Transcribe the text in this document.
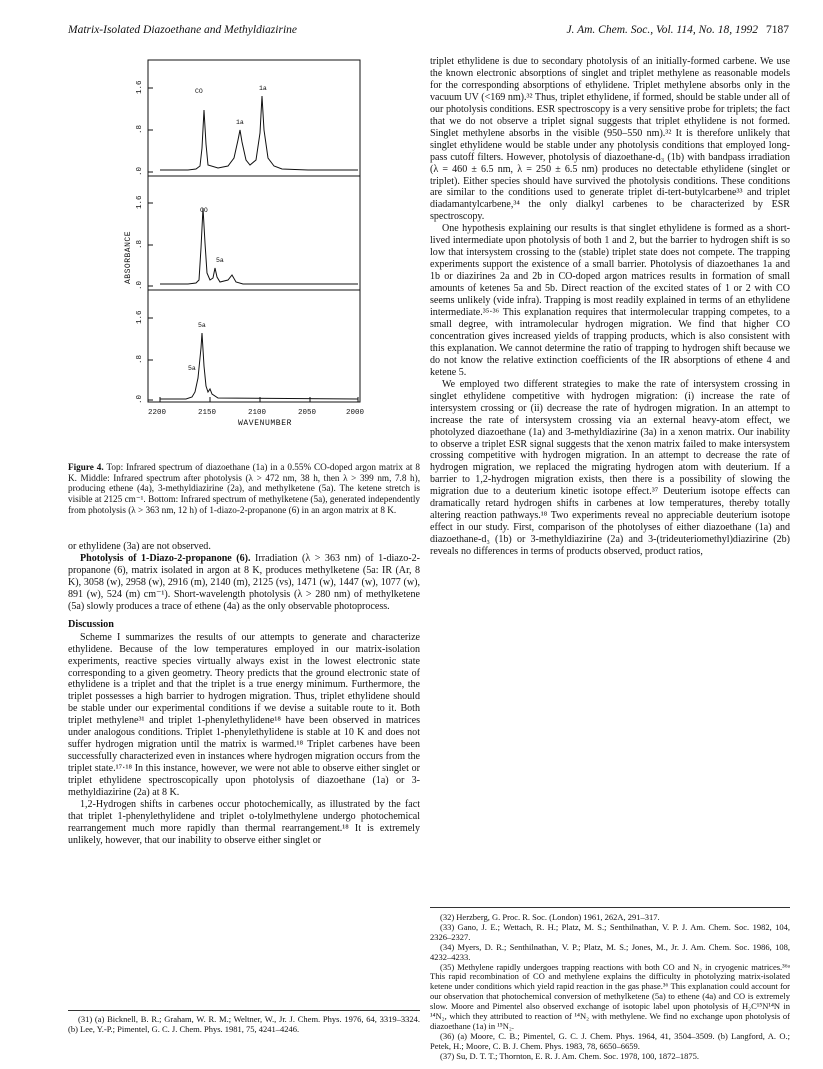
Matrix-Isolated Diazoethane and Methyldiazirine	J. Am. Chem. Soc., Vol. 114, No. 18, 1992 7187
1.6
.8
.0
1.6
.8
.0
1.6
.8
.0
ABSORBANCE
2200	2150	2100	2050	2000
WAVENUMBER
CO	1a
1a
CO
5a
5a
5a
Figure 4. Top: Infrared spectrum of diazoethane (1a) in a 0.55% CO-doped argon matrix at 8 K. Middle: Infrared spectrum after photolysis (λ > 472 nm, 38 h, then λ > 399 nm, 7.8 h), producing ethene (4a), 3-methyldiazirine (2a), and methylketene (5a). The ketene stretch is visible at 2125 cm⁻¹. Bottom: Infrared spectrum of methylketene (5a), generated independently from photolysis (λ > 363 nm, 12 h) of 1-diazo-2-propanone (6) in an argon matrix at 8 K.

or ethylidene (3a) are not observed.

Photolysis of 1-Diazo-2-propanone (6). Irradiation (λ > 363 nm) of 1-diazo-2-propanone (6), matrix isolated in argon at 8 K, produces methylketene (5a: IR (Ar, 8 K), 3058 (w), 2958 (w), 2916 (m), 2140 (m), 2125 (vs), 1471 (w), 1447 (w), 1077 (w), 891 (w), 524 (m) cm⁻¹). Short-wavelength photolysis (λ > 280 nm) of methylketene (5a) slowly produces a trace of ethene (4a) as the only observable photoprocess.

Discussion

Scheme I summarizes the results of our attempts to generate and characterize ethylidene. Because of the low temperatures employed in our matrix-isolation experiments, reactive species virtually always exist in the lowest electronic state corresponding to a given geometry. Theory predicts that the ground electronic state of ethylidene is a triplet and that the triplet is a true energy minimum. Furthermore, the triplet possesses a high barrier to hydrogen migration. Thus, triplet ethylidene should be stable under our experimental conditions if we devise a suitable route to it. Both triplet methylene³¹ and triplet 1-phenylethylidene¹⁸ have been observed in matrices under analogous conditions. Triplet 1-phenylethylidene is stable at 10 K and does not suffer hydrogen migration until the matrix is warmed.¹⁸ Triplet carbenes have been successfully characterized even in instances where hydrogen migration occurs from the triplet state.¹⁷·¹⁸ In this instance, however, we were not able to observe either singlet or triplet ethylidene spectroscopically upon photolysis of diazoethane (1a) or 3-methyldiazirine (2a) at 8 K.

1,2-Hydrogen shifts in carbenes occur photochemically, as illustrated by the fact that triplet 1-phenylethylidene and triplet o-tolylmethylene undergo photochemical rearrangement much more rapidly than thermal rearrangement.¹⁸ It is extremely unlikely, however, that our inability to observe either singlet or

(31) (a) Bicknell, B. R.; Graham, W. R. M.; Weltner, W., Jr. J. Chem. Phys. 1976, 64, 3319–3324. (b) Lee, Y.-P.; Pimentel, G. C. J. Chem. Phys. 1981, 75, 4241–4246.

triplet ethylidene is due to secondary photolysis of an initially-formed carbene. We use the known electronic absorptions of singlet and triplet methylene as reasonable models for the corresponding absorptions of ethylidene. Triplet methylene absorbs only in the vacuum UV (<169 nm).³² Thus, triplet ethylidene, if formed, should be stable under all of our photolysis conditions. ESR spectroscopy is a very sensitive probe for triplets; the fact that we do not observe a triplet signal suggests that triplet ethylidene is not formed. Singlet methylene absorbs in the visible (950–550 nm).³² It is therefore unlikely that singlet ethylidene would be stable under any photolysis conditions that employed long-pass cutoff filters. However, photolysis of diazoethane-d₃ (1b) with bandpass irradiation (λ = 460 ± 6.5 nm, λ = 250 ± 6.5 nm) produces no detectable ethylidene (singlet or triplet). Either species should have survived the photolysis conditions. These conditions are similar to the conditions used to generate triplet di-tert-butylcarbene³³ and triplet diadamantylcarbene,³⁴ the only dialkyl carbenes to be characterized by ESR spectroscopy.

One hypothesis explaining our results is that singlet ethylidene is formed as a short-lived intermediate upon photolysis of both 1 and 2, but the barrier to hydrogen shift is so low that intersystem crossing to the (stable) triplet state does not compete. The trapping experiments support the existence of a small barrier. Photolysis of diazoethanes 1a and 1b or diazirines 2a and 2b in CO-doped argon matrices results in formation of small amounts of ketenes 5a and 5b. Direct reaction of the excited states of 1 or 2 with CO seems unlikely (vide infra). Trapping is most readily explained in terms of an ethylidene intermediate.³⁵·³⁶ This explanation requires that intermolecular trapping competes, to a small degree, with intramolecular hydrogen migration. We find that higher CO concentration gives increased yields of trapping products, which is also consistent with this explanation. We cannot determine the ratio of trapping to hydrogen shift because we do not know the relative extinction coefficients of the IR absorptions of ethene 4 and ketene 5.

We employed two different strategies to make the rate of intersystem crossing in singlet ethylidene competitive with hydrogen migration: (i) increase the rate of intersystem crossing or (ii) decrease the rate of hydrogen migration. In an attempt to increase the rate of intersystem crossing via an external heavy-atom effect, we photolyzed diazoethane (1a) and 3-methyldiazirine (3a) in a xenon matrix. Our inability to observe a triplet ESR signal suggests that the xenon matrix failed to make intersystem crossing competitive with hydrogen migration. In an attempt to decrease the rate of hydrogen migration, we replaced the migrating hydrogen atom with deuterium. If a barrier to 1,2-hydrogen migration exists, then there is a possibility of slowing the migration due to a deuterium kinetic isotope effect.³⁷ Deuterium isotope effects can dramatically retard hydrogen shifts in carbenes at low temperatures, thereby totally altering reaction pathways.¹⁸ Two experiments reveal no appreciable deuterium isotope effect in our study. First, comparison of the photolyses of either diazoethane (1a) and diazoethane-d₃ (1b) or 3-methyldiazirine (2a) and 3-(trideuteriomethyl)diazirine (2b) reveals no differences in terms of products observed, product ratios,

(32) Herzberg, G. Proc. R. Soc. (London) 1961, 262A, 291–317.

(33) Gano, J. E.; Wettach, R. H.; Platz, M. S.; Senthilnathan, V. P. J. Am. Chem. Soc. 1982, 104, 2326–2327.

(34) Myers, D. R.; Senthilnathan, V. P.; Platz, M. S.; Jones, M., Jr. J. Am. Chem. Soc. 1986, 108, 4232–4233.

(35) Methylene rapidly undergoes trapping reactions with both CO and N₂ in cryogenic matrices.³⁶ᵃ This rapid recombination of CO and methylene explains the difficulty in photolyzing matrix-isolated ketene under conditions which yield rapid reaction in the gas phase.³⁶ This explanation could account for our observation that photochemical conversion of methylketene (5a) to ethene (4a) and CO is extremely slow. Moore and Pimentel also observed exchange of isotopic label upon photolysis of H₂C¹⁵N¹⁴N in ¹⁴N₂, which they attributed to reaction of ¹⁴N₂ with methylene. We find no exchange upon photolysis of diazoethane (1a) in ¹⁵N₂.

(36) (a) Moore, C. B.; Pimentel, G. C. J. Chem. Phys. 1964, 41, 3504–3509. (b) Langford, A. O.; Petek, H.; Moore, C. B. J. Chem. Phys. 1983, 78, 6650–6659.

(37) Su, D. T. T.; Thornton, E. R. J. Am. Chem. Soc. 1978, 100, 1872–1875.
